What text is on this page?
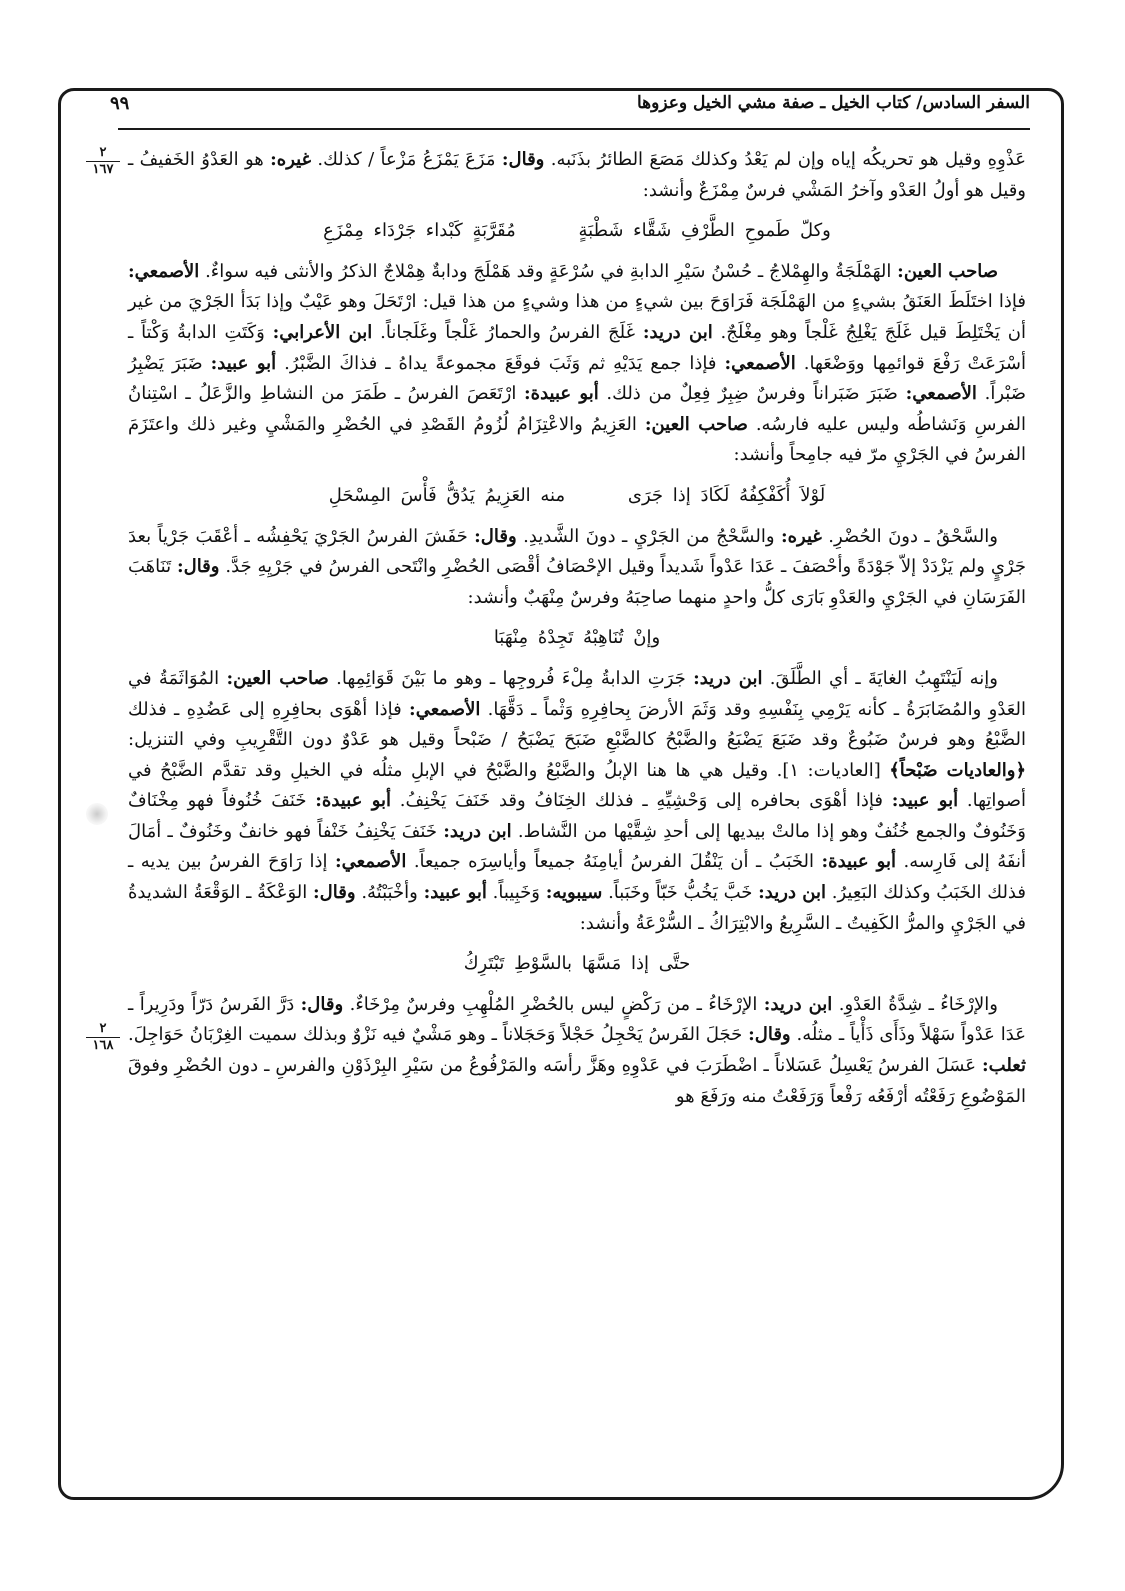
السفر السادس/ كتاب الخيل ـ صفة مشي الخيل وعزوها
٩٩
٢
١٦٧
٢
١٦٨

عَذْوِهِ وقيل هو تحريكُه إياه وإن لم يَعْدُ وكذلك مَصَعَ الطائرُ بذَنَبه. وقال: مَزَعَ يَمْزَعُ مَزْعاً / كذلك. غيره: هو العَدْوُ الخَفيفُ ـ وقيل هو أولُ العَدْو وآخرُ المَشْي فرسٌ مِمْزَعٌ وأنشد:

وكلّ طَموحِ الطَّرْفِ شَقَّاء شَطْبَةٍ مُقَرَّبَةٍ كَبْداء جَرْدَاء مِمْزَعِ

صاحب العين: الهَمْلَجَةُ والهِمْلاجُ ـ حُسْنُ سَيْرِ الدابةِ في سُرْعَةٍ وقد هَمْلَجَ ودابةٌ هِمْلاجٌ الذكرُ والأنثى فيه سواءٌ. الأصمعي: فإذا اختَلَطَ العَنَقُ بشيءٍ من الهَمْلَجَة فَرَاوَحَ بين شيءٍ من هذا وشيءٍ من هذا قيل: ارْتَحَلَ وهو عَيْبٌ وإذا بَدَأ الجَرْيَ من غير أن يَخْتَلِطَ قيل غَلَجَ يَغْلِجُ غَلْجاً وهو مِغْلَجٌ. ابن دريد: غَلَجَ الفرسُ والحمارُ غَلْجاً وغَلَجاناً. ابن الأعرابي: وَكَتَتِ الدابةُ وَكْتاً ـ أسْرَعَتْ رَفْعَ قوائمِها ووَضْعَها. الأصمعي: فإذا جمع يَدَيْهِ ثم وَثَبَ فوقَعَ مجموعةً يداهُ ـ فذاكَ الضَّبْرُ. أبو عبيد: ضَبَرَ يَضْبِرُ ضَبْراً. الأصمعي: ضَبَرَ ضَبَراناً وفرسٌ ضِبِرٌ فِعِلٌ من ذلك. أبو عبيدة: ارْتَعَصَ الفرسُ ـ طَمَرَ من النشاطِ والزَّعَلُ ـ اسْتِنانُ الفرسِ وَنَشاطُه وليس عليه فارسُه. صاحب العين: العَزِيمُ والاعْتِزَامُ لُزُومُ القَصْدِ في الحُضْرِ والمَشْيِ وغير ذلك واعتَزَمَ الفرسُ في الجَرْيِ مرّ فيه جامِحاً وأنشد:

لَوْلاَ أُكَفْكِفُهُ لَكَادَ إذا جَرَى منه العَزِيمُ يَدُقُّ فَأْسَ المِسْحَلِ

والسَّحْقُ ـ دونَ الحُضْرِ. غيره: والسَّحْجُ من الجَرْيِ ـ دونَ الشَّديدِ. وقال: حَفَشَ الفرسُ الجَرْيَ يَحْفِشُه ـ أعْقَبَ جَرْياً بعدَ جَرْيٍ ولم يَزْدَدْ إلاّ جَوْدَةً وأحْصَفَ ـ عَدَا عَدْواً شَديداً وقيل الإحْصَافُ أقْصَى الحُضْرِ وانْتَحى الفرسُ في جَرْيِهِ جَدَّ. وقال: تَنَاهَبَ الفَرَسَانِ في الجَرْيِ والعَدْوِ بَارَى كلُّ واحدٍ منهما صاحِبَهُ وفرسٌ مِنْهَبٌ وأنشد:

وإنْ تُنَاهِبْهُ تَجِدْهُ مِنْهَبَا

وإنه لَيَنْتَهِبُ الغايَةَ ـ أي الطَّلَقَ. ابن دريد: جَرَتِ الدابةُ مِلْءَ فُروجِها ـ وهو ما بَيْنَ قَوَائِمِها. صاحب العين: المُوَاثَمَةُ في العَدْوِ والمُضَابَرَةُ ـ كأنه يَرْمِي بِنَفْسِهِ وقد وَثَمَ الأرضَ بِحافِرِهِ وَثْماً ـ دَقَّهَا. الأصمعي: فإذا أهْوَى بحافِرِهِ إلى عَضُدِهِ ـ فذلك الضَّبْعُ وهو فرسٌ ضَبُوعٌ وقد ضَبَعَ يَضْبَعُ والضَّبْحُ كالضَّبْعِ ضَبَحَ يَضْبَحُ / ضَبْحاً وقيل هو عَدْوٌ دون التَّقْرِيبِ وفي التنزيل: ﴿والعاديات ضَبْحاً﴾ [العاديات: ١]. وقيل هي ها هنا الإبلُ والضَّبْعُ والضَّبْحُ في الإبلِ مثلُه في الخيلِ وقد تقدَّم الضَّبْحُ في أصواتِها. أبو عبيد: فإذا أهْوَى بحافره إلى وَحْشِيِّهِ ـ فذلك الخِنَافُ وقد خَنَفَ يَخْنِفُ. أبو عبيدة: خَنَفَ خُنُوفاً فهو مِخْنَافٌ وَخَنُوفٌ والجمع خُنُفٌ وهو إذا مالتْ بيديها إلى أحدِ شِقَّيْها من النَّشاط. ابن دريد: خَنَفَ يَخْنِفُ خَنْفاً فهو خانفٌ وخَنُوفٌ ـ أمَالَ أنفَهُ إلى فَارِسه. أبو عبيدة: الخَبَبُ ـ أن يَنْقُلَ الفرسُ أيامِنَهُ جميعاً وأياسِرَه جميعاً. الأصمعي: إذا رَاوَحَ الفرسُ بين يديه ـ فذلك الخَبَبُ وكذلك البَعِيرُ. ابن دريد: خَبَّ يَخُبُّ خَبّاً وخَبَباً. سيبويه: وَخَبِيباً. أبو عبيد: وأخْبَبْتُهُ. وقال: الوَعْكَةُ ـ الوَقْعَةُ الشديدةُ في الجَرْيِ والمرُّ الكَفِيتُ ـ السَّرِيعُ والابْتِرَاكُ ـ السُّرْعَةُ وأنشد:

حتَّى إذا مَسَّهَا بالسَّوْطِ تَبْتَرِكُ

والإرْخَاءُ ـ شِدَّةُ العَدْوِ. ابن دريد: الإرْخَاءُ ـ من رَكْضٍ ليس بالحُضْرِ المُلْهِبِ وفرسٌ مِرْخَاءٌ. وقال: دَرَّ الفَرسُ دَرّاً ودَرِيراً ـ عَدَا عَدْواً سَهْلاً وذَأَى ذَأْياً ـ مثلُه. وقال: حَجَلَ الفَرسُ يَحْجِلُ حَجْلاً وَحَجَلاناً ـ وهو مَشْيٌ فيه نَزْوٌ وبذلك سميت الغِرْبَانُ حَوَاجِلَ. ثعلب: عَسَلَ الفرسُ يَعْسِلُ عَسَلاناً ـ اضْطَرَبَ في عَدْوِهِ وهَزَّ رأسَه والمَرْفُوعُ من سَيْرِ البِرْذَوْنِ والفرسِ ـ دون الحُضْرِ وفوقَ المَوْضُوعِ رَفَعْتُه أرْفَعُه رَفْعاً وَرَفَعْتُ منه ورَفَعَ هو
